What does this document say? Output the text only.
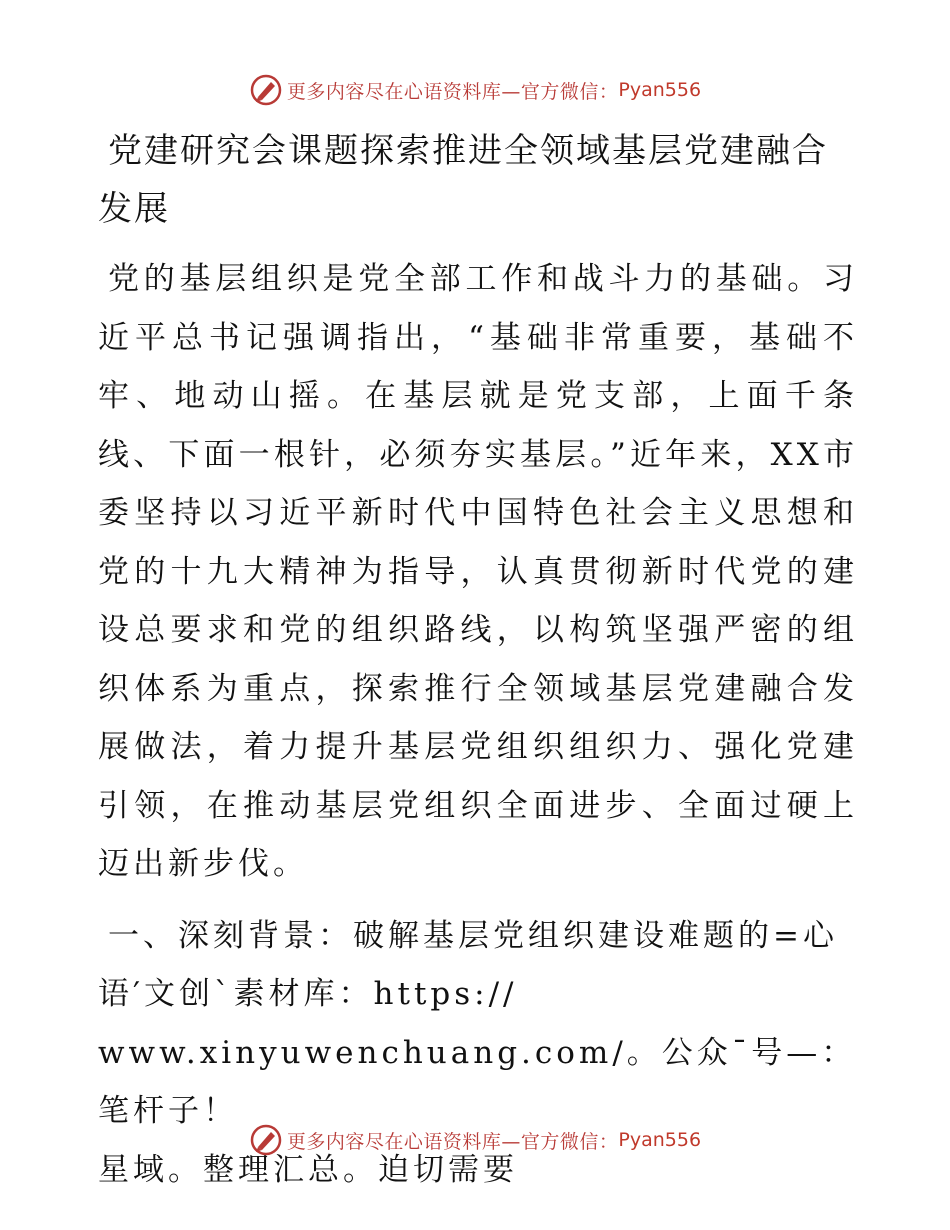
更多内容尽在心语资料库—官方微信： Pyan556
党建研究会课题探索推进全领域基层党建融合发展

党的基层组织是党全部工作和战斗力的基础。习近平总书记强调指出，“基础非常重要，基础不牢、地动山摇。在基层就是党支部，上面千条线、下面一根针，必须夯实基层。”近年来，XX市委坚持以习近平新时代中国特色社会主义思想和党的十九大精神为指导，认真贯彻新时代党的建设总要求和党的组织路线，以构筑坚强严密的组织体系为重点，探索推行全领域基层党建融合发展做法，着力提升基层党组织组织力、强化党建引领，在推动基层党组织全面进步、全面过硬上迈出新步伐。

一、深刻背景：破解基层党组织建设难题的=心语′文创`素材库：https://
www.xinyuwenchuang.com/。公众¯号—：笔杆子！
星域。整理汇总。迫切需要

更多内容尽在心语资料库—官方微信： Pyan556
